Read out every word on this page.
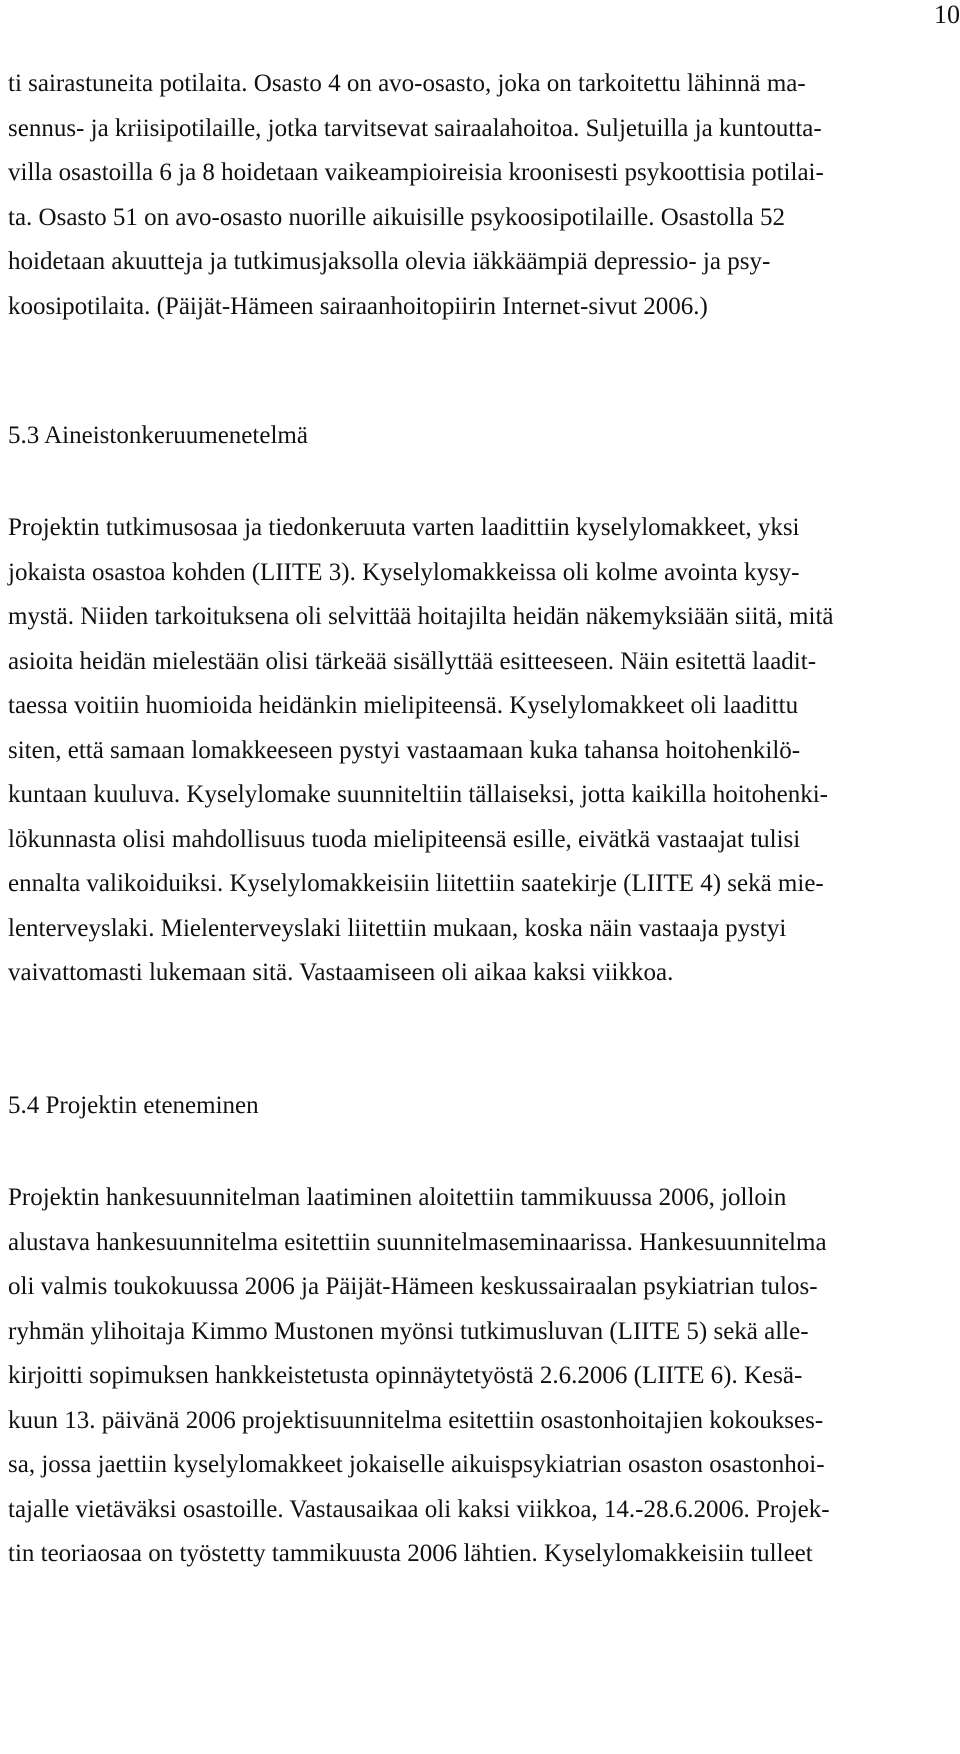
10
ti sairastuneita potilaita. Osasto 4 on avo-osasto, joka on tarkoitettu lähinnä ma-
sennus- ja kriisipotilaille, jotka tarvitsevat sairaalahoitoa. Suljetuilla ja kuntoutta-
villa osastoilla 6 ja 8 hoidetaan vaikeampioireisia kroonisesti psykoottisia potilai-
ta. Osasto 51 on avo-osasto nuorille aikuisille psykoosipotilaille. Osastolla 52
hoidetaan akuutteja ja tutkimusjaksolla olevia iäkkäämpiä depressio- ja psy-
koosipotilaita. (Päijät-Hämeen sairaanhoitopiirin Internet-sivut 2006.)
5.3 Aineistonkeruumenetelmä
Projektin tutkimusosaa ja tiedonkeruuta varten laadittiin kyselylomakkeet, yksi
jokaista osastoa kohden (LIITE 3). Kyselylomakkeissa oli kolme avointa kysy-
mystä. Niiden tarkoituksena oli selvittää hoitajilta heidän näkemyksiään siitä, mitä
asioita heidän mielestään olisi tärkeää sisällyttää esitteeseen. Näin esitettä laadit-
taessa voitiin huomioida heidänkin mielipiteensä. Kyselylomakkeet oli laadittu
siten, että samaan lomakkeeseen pystyi vastaamaan kuka tahansa hoitohenkilö-
kuntaan kuuluva. Kyselylomake suunniteltiin tällaiseksi, jotta kaikilla hoitohenki-
lökunnasta olisi mahdollisuus tuoda mielipiteensä esille, eivätkä vastaajat tulisi
ennalta valikoiduiksi. Kyselylomakkeisiin liitettiin saatekirje (LIITE 4) sekä mie-
lenterveyslaki. Mielenterveyslaki liitettiin mukaan, koska näin vastaaja pystyi
vaivattomasti lukemaan sitä. Vastaamiseen oli aikaa kaksi viikkoa.
5.4 Projektin eteneminen
Projektin hankesuunnitelman laatiminen aloitettiin tammikuussa 2006, jolloin
alustava hankesuunnitelma esitettiin suunnitelmaseminaarissa. Hankesuunnitelma
oli valmis toukokuussa 2006 ja Päijät-Hämeen keskussairaalan psykiatrian tulos-
ryhmän ylihoitaja Kimmo Mustonen myönsi tutkimusluvan (LIITE 5) sekä alle-
kirjoitti sopimuksen hankkeistetusta opinnäytetyöstä 2.6.2006 (LIITE 6). Kesä-
kuun 13. päivänä 2006 projektisuunnitelma esitettiin osastonhoitajien kokoukses-
sa, jossa jaettiin kyselylomakkeet jokaiselle aikuispsykiatrian osaston osastonhoi-
tajalle vietäväksi osastoille. Vastausaikaa oli kaksi viikkoa, 14.-28.6.2006. Projek-
tin teoriaosaa on työstetty tammikuusta 2006 lähtien. Kyselylomakkeisiin tulleet
